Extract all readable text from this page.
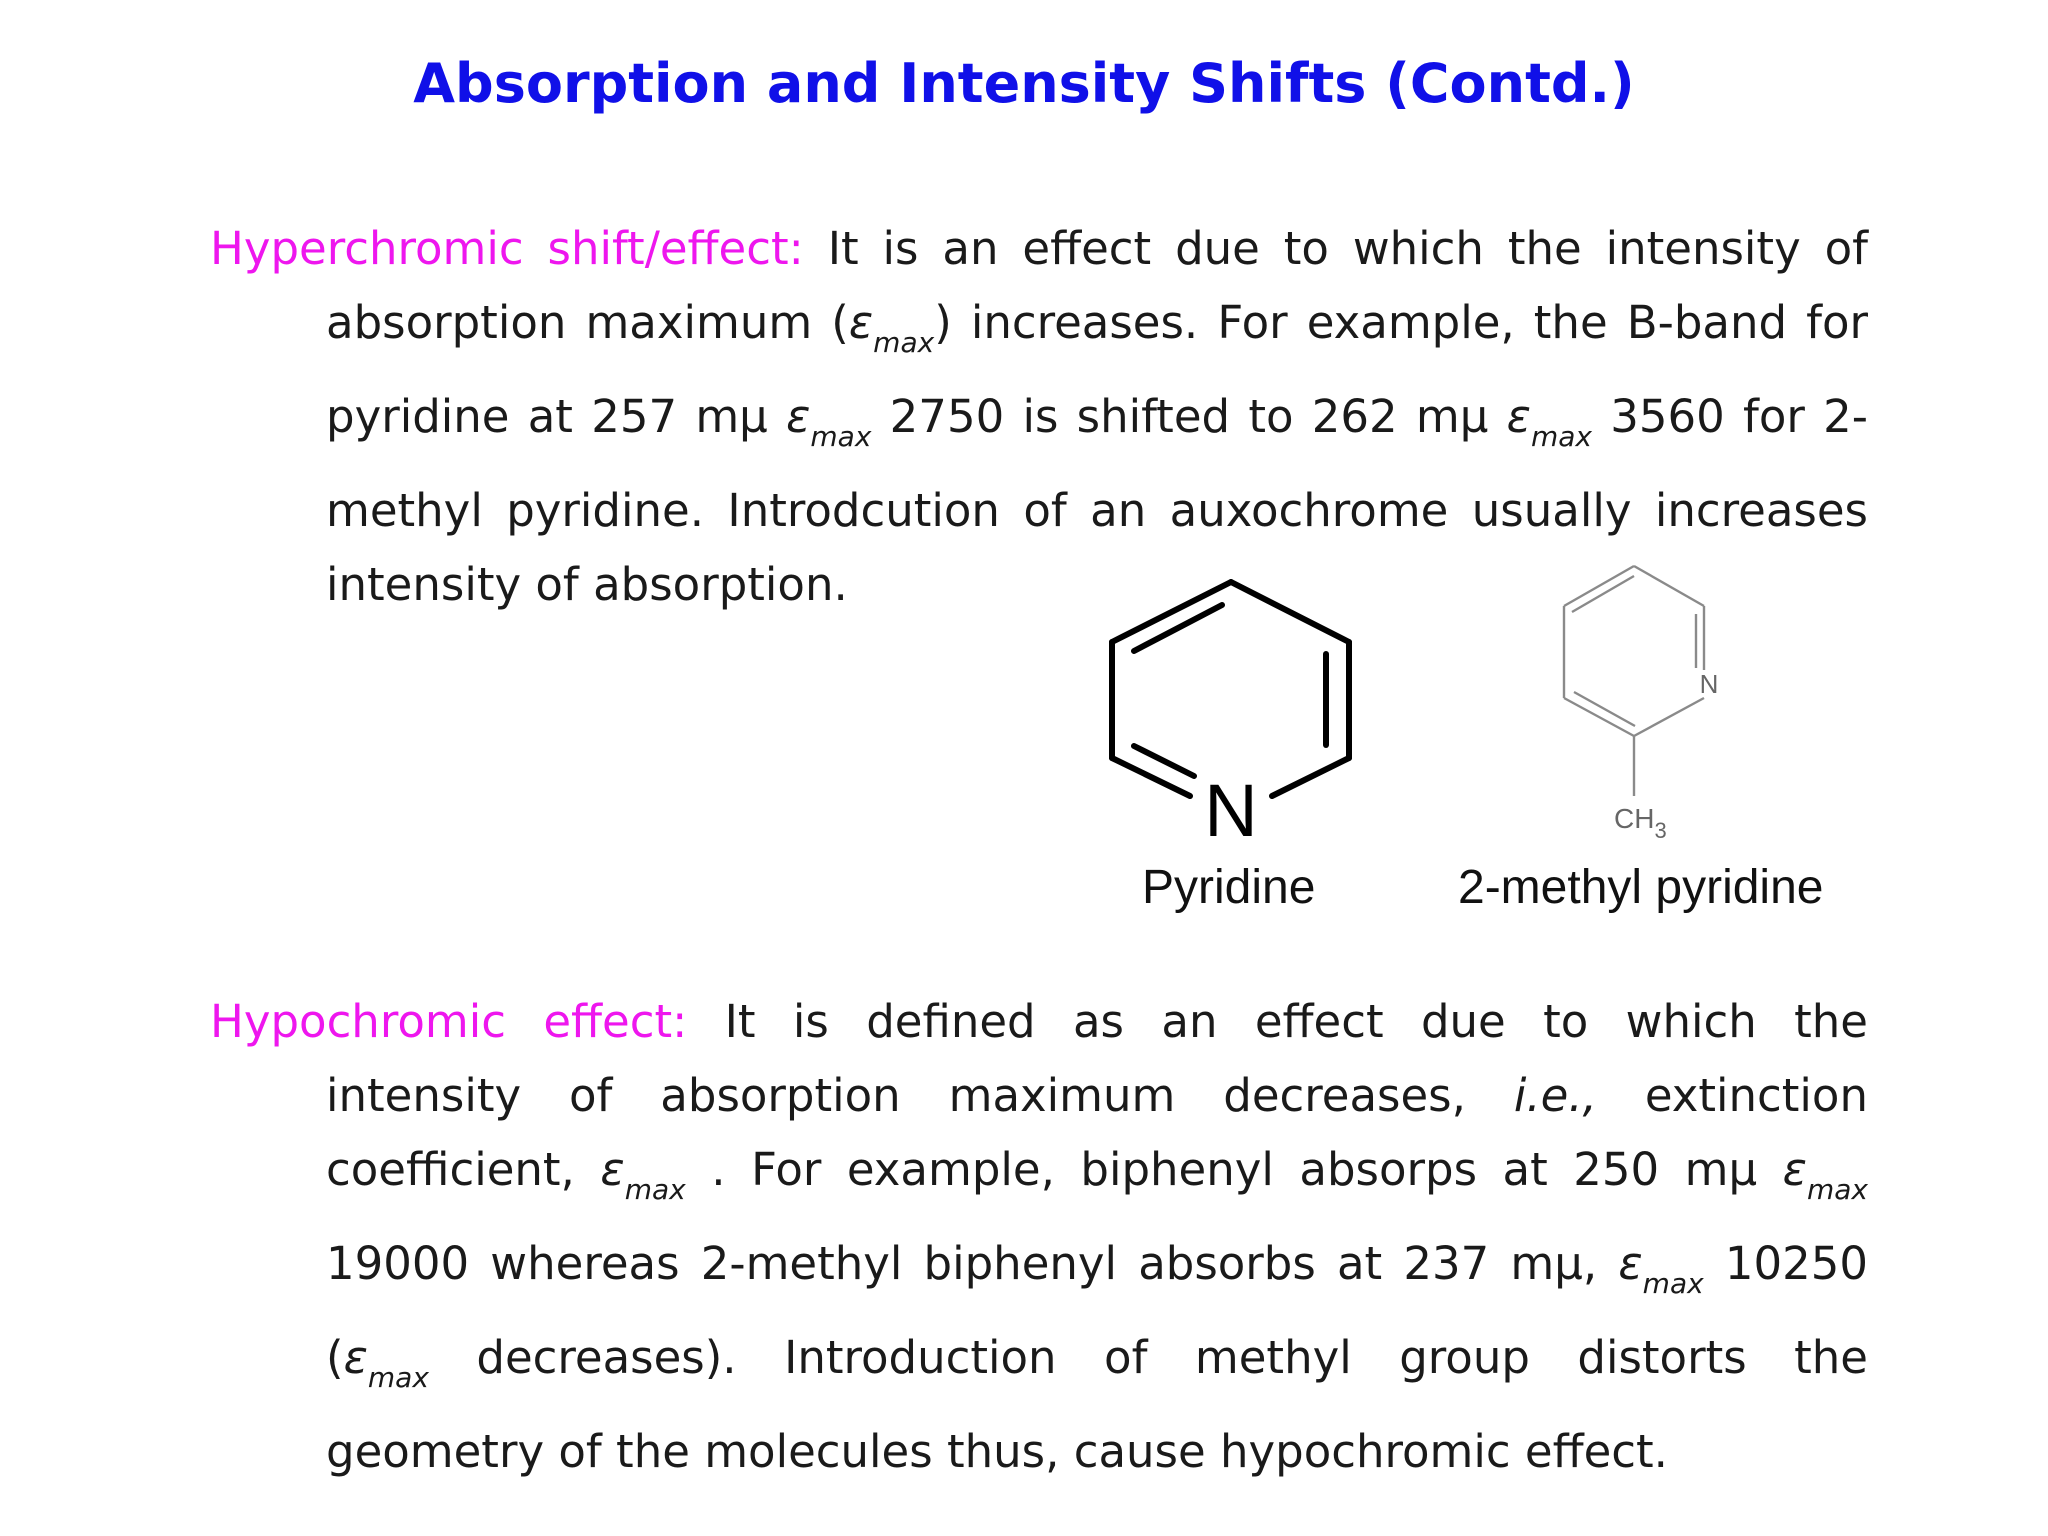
Absorption and Intensity Shifts (Contd.)
Hyperchromic shift/effect: It is an effect due to which the intensity of
absorption maximum $(\varepsilon_{max})$ increases. For example, the B-band for
pyridine at 257 mμ $\varepsilon_{max}$ 2750 is shifted to 262 mμ $\varepsilon_{max}$ 3560 for 2-
methyl pyridine. Introdcution of an auxochrome usually increases
intensity of absorption.
N
N
$CH_3$
Pyridine	2-methyl pyridine
Hypochromic effect: It is defined as an effect due to which the
intensity of absorption maximum decreases, i.e., extinction
coefficient, $\varepsilon_{max}$ . For example, biphenyl absorps at 250 mμ $\varepsilon_{max}$
19000 whereas 2-methyl biphenyl absorbs at 237 mμ, $\varepsilon_{max}$ 10250
($\varepsilon_{max}$ decreases). Introduction of methyl group distorts the
geometry of the molecules thus, cause hypochromic effect.
